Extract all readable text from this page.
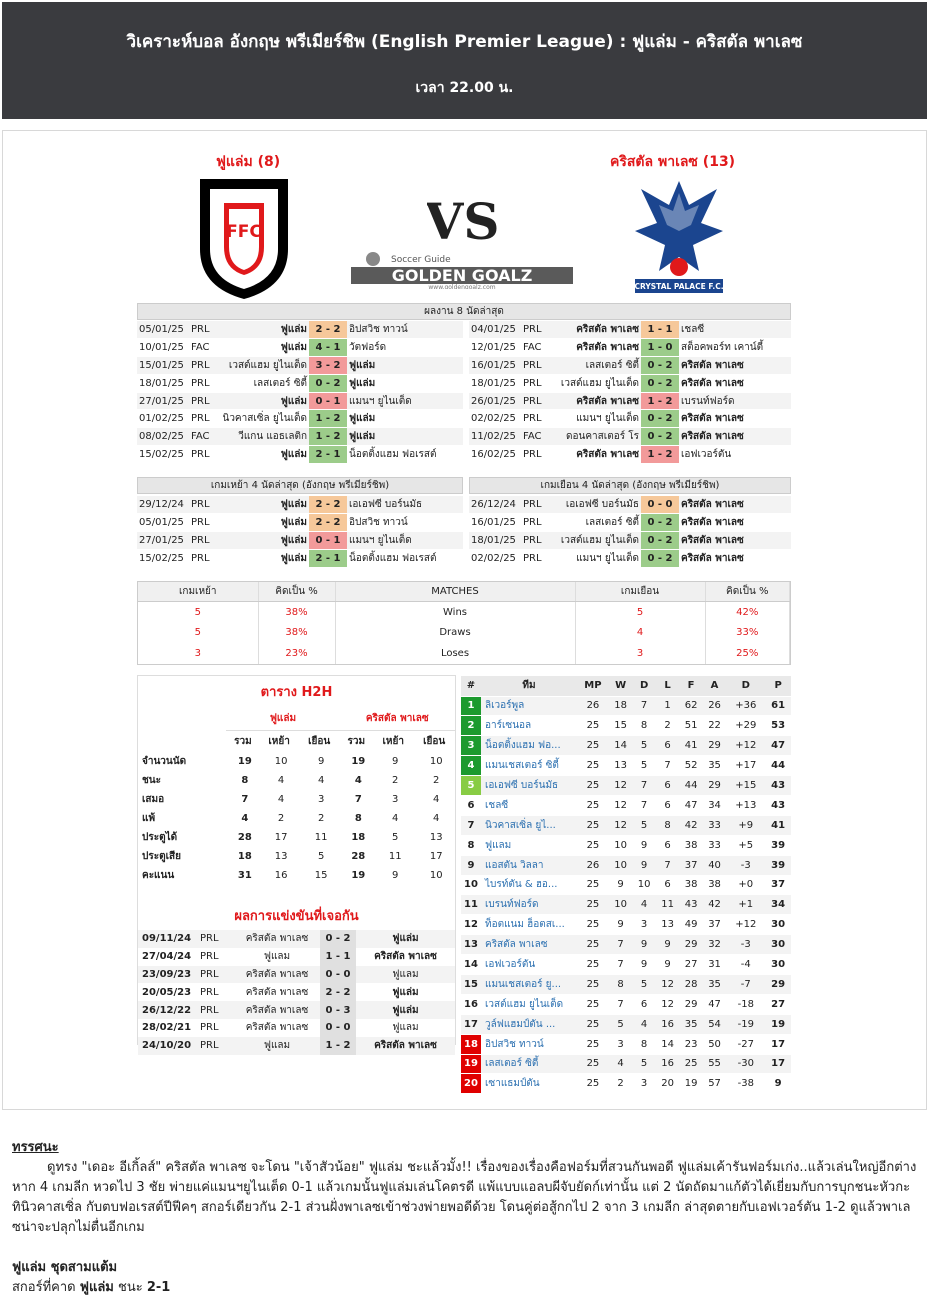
วิเคราะห์บอล อังกฤษ พรีเมียร์ชิพ (English Premier League) : ฟูแล่ม - คริสตัล พาเลซ
เวลา 22.00 น.
ฟูแล่ม (8)	คริสตัล พาเลซ (13)
FFC	VS
Soccer Guide
GOLDEN GOALZ
www.goldengoalz.com	CRYSTAL PALACE F.C.
ผลงาน 8 นัดล่าสุด
05/01/25	PRL	ฟูแล่ม	2 - 2	อิปสวิช ทาวน์
10/01/25	FAC	ฟูแล่ม	4 - 1	วัตฟอร์ด
15/01/25	PRL	เวสต์แฮม ยูไนเต็ด	3 - 2	ฟูแล่ม
18/01/25	PRL	เลสเตอร์ ซิตี้	0 - 2	ฟูแล่ม
27/01/25	PRL	ฟูแล่ม	0 - 1	แมนฯ ยูไนเต็ด
01/02/25	PRL	นิวคาสเซิ่ล ยูไนเต็ด	1 - 2	ฟูแล่ม
08/02/25	FAC	วีแกน แอธเลติก	1 - 2	ฟูแล่ม
15/02/25	PRL	ฟูแล่ม	2 - 1	น็อตติ้งแฮม ฟอเรสต์
04/01/25	PRL	คริสตัล พาเลซ	1 - 1	เชลซี
12/01/25	FAC	คริสตัล พาเลซ	1 - 0	สต็อคพอร์ท เคาน์ตี้
16/01/25	PRL	เลสเตอร์ ซิตี้	0 - 2	คริสตัล พาเลซ
18/01/25	PRL	เวสต์แฮม ยูไนเต็ด	0 - 2	คริสตัล พาเลซ
26/01/25	PRL	คริสตัล พาเลซ	1 - 2	เบรนท์ฟอร์ด
02/02/25	PRL	แมนฯ ยูไนเต็ด	0 - 2	คริสตัล พาเลซ
11/02/25	FAC	ดอนคาสเตอร์ โร	0 - 2	คริสตัล พาเลซ
16/02/25	PRL	คริสตัล พาเลซ	1 - 2	เอฟเวอร์ตัน
เกมเหย้า 4 นัดล่าสุด (อังกฤษ พรีเมียร์ชิพ)	เกมเยือน 4 นัดล่าสุด (อังกฤษ พรีเมียร์ชิพ)
29/12/24	PRL	ฟูแล่ม	2 - 2	เอเอฟซี บอร์นมัธ
05/01/25	PRL	ฟูแล่ม	2 - 2	อิปสวิช ทาวน์
27/01/25	PRL	ฟูแล่ม	0 - 1	แมนฯ ยูไนเต็ด
15/02/25	PRL	ฟูแล่ม	2 - 1	น็อตติ้งแฮม ฟอเรสต์
26/12/24	PRL	เอเอฟซี บอร์นมัธ	0 - 0	คริสตัล พาเลซ
16/01/25	PRL	เลสเตอร์ ซิตี้	0 - 2	คริสตัล พาเลซ
18/01/25	PRL	เวสต์แฮม ยูไนเต็ด	0 - 2	คริสตัล พาเลซ
02/02/25	PRL	แมนฯ ยูไนเต็ด	0 - 2	คริสตัล พาเลซ
เกมเหย้า	คิดเป็น %	MATCHES	เกมเยือน	คิดเป็น %
5	38%	Wins	5	42%
5	38%	Draws	4	33%
3	23%	Loses	3	25%
ตาราง H2H
	ฟูแล่ม			คริสตัล พาเลซ		
	รวม	เหย้า	เยือน	รวม	เหย้า	เยือน
จำนวนนัด	19	10	9	19	9	10
ชนะ	8	4	4	4	2	2
เสมอ	7	4	3	7	3	4
แพ้	4	2	2	8	4	4
ประตูได้	28	17	11	18	5	13
ประตูเสีย	18	13	5	28	11	17
คะแนน	31	16	15	19	9	10
ผลการแข่งขันที่เจอกัน
09/11/24	PRL	คริสตัล พาเลซ	0 - 2	ฟูแล่ม
27/04/24	PRL	ฟูแลม	1 - 1	คริสตัล พาเลซ
23/09/23	PRL	คริสตัล พาเลซ	0 - 0	ฟูแลม
20/05/23	PRL	คริสตัล พาเลซ	2 - 2	ฟูแล่ม
26/12/22	PRL	คริสตัล พาเลซ	0 - 3	ฟูแล่ม
28/02/21	PRL	คริสตัล พาเลซ	0 - 0	ฟูแลม
24/10/20	PRL	ฟูแลม	1 - 2	คริสตัล พาเลซ
#	ทีม	MP	W	D	L	F	A	D	P
1	ลิเวอร์พูล	26	18	7	1	62	26	+36	61
2	อาร์เซนอล	25	15	8	2	51	22	+29	53
3	น็อตติ้งแฮม ฟอ...	25	14	5	6	41	29	+12	47
4	แมนเชสเตอร์ ซิตี้	25	13	5	7	52	35	+17	44
5	เอเอฟซี บอร์นมัธ	25	12	7	6	44	29	+15	43
6	เชลซี	25	12	7	6	47	34	+13	43
7	นิวคาสเซิ่ล ยูไ...	25	12	5	8	42	33	+9	41
8	ฟูแลม	25	10	9	6	38	33	+5	39
9	แอสตัน วิลลา	26	10	9	7	37	40	-3	39
10	ไบรท์ตัน & ฮอ...	25	9	10	6	38	38	+0	37
11	เบรนท์ฟอร์ด	25	10	4	11	43	42	+1	34
12	ท็อตแนม ฮ็อตสเ...	25	9	3	13	49	37	+12	30
13	คริสตัล พาเลซ	25	7	9	9	29	32	-3	30
14	เอฟเวอร์ตัน	25	7	9	9	27	31	-4	30
15	แมนเชสเตอร์ ยู...	25	8	5	12	28	35	-7	29
16	เวสต์แฮม ยูไนเต็ด	25	7	6	12	29	47	-18	27
17	วูล์ฟแฮมป์ตัน ...	25	5	4	16	35	54	-19	19
18	อิปสวิช ทาวน์	25	3	8	14	23	50	-27	17
19	เลสเตอร์ ซิตี้	25	4	5	16	25	55	-30	17
20	เซาแธมป์ตัน	25	2	3	20	19	57	-38	9
ทรรศนะ
ดูทรง "เดอะ อีเกิ้ลส์" คริสตัล พาเลซ จะโดน "เจ้าสัวน้อย" ฟูแล่ม ชะแล้วมั้ง!! เรื่องของเรื่องคือฟอร์มที่สวนกันพอดี ฟูแล่มเค้ารันฟอร์มเก่ง..แล้วเล่นใหญ่อีกต่างหาก 4 เกมลีก หวดไป 3 ชัย พ่ายแค่แมนฯยูไนเต็ด 0-1 แล้วเกมนั้นฟูแล่มเล่นโคตรดี แพ้แบบแอลบผีจับยัดก์เท่านั้น แต่ 2 นัดถัดมาแก้ตัวได้เยี่ยมกับการบุกชนะหัวกะทินิวคาสเซิ่ล กับตบฟอเรสต์ปีฟีคๆ สกอร์เดียวกัน 2-1 ส่วนฝั่งพาเลซเข้าช่วงพ่ายพอดีด้วย โดนคู่ต่อสู้กกไป 2 จาก 3 เกมลีก ล่าสุดตายกับเอฟเวอร์ตัน 1-2 ดูแล้วพาเลซน่าจะปลุกไม่ตื่นอีกเกม
ฟูแล่ม ชุดสามแต้ม
สกอร์ที่คาด ฟูแล่ม ชนะ 2-1
